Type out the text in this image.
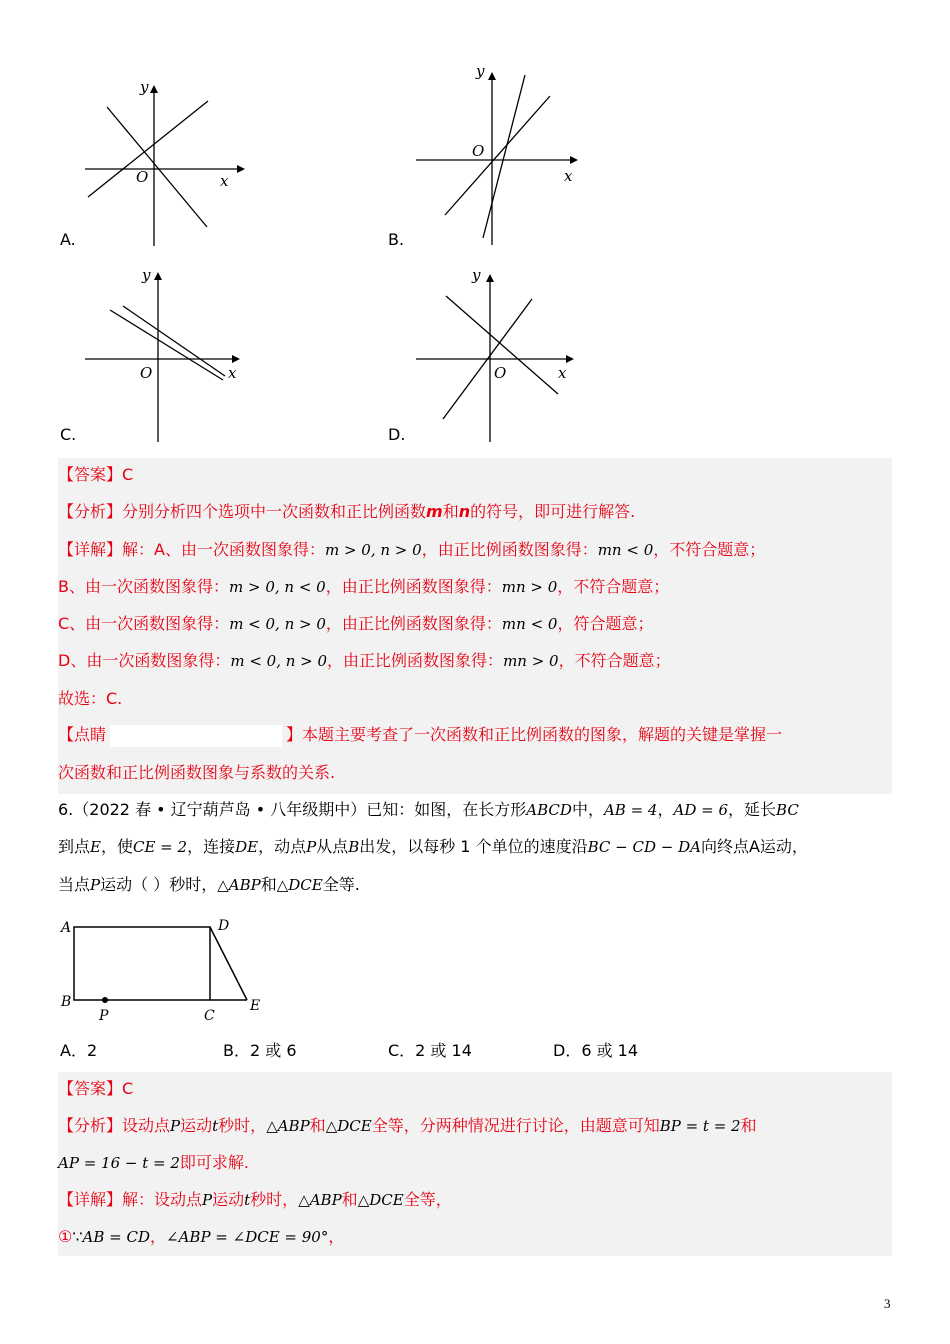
O	x
y
A.
O
x
y
B.
O	x
y
C.
O	x
y
D.
【答案】C
【分析】分别分析四个选项中一次函数和正比例函数m和n的符号，即可进行解答.
【详解】解：A、由一次函数图象得：m > 0, n > 0，由正比例函数图象得：mn < 0，不符合题意；
B、由一次函数图象得：m > 0, n < 0，由正比例函数图象得：mn > 0，不符合题意；
C、由一次函数图象得：m < 0, n > 0，由正比例函数图象得：mn < 0，符合题意；
D、由一次函数图象得：m < 0, n > 0，由正比例函数图象得：mn > 0，不符合题意；
故选：C.
【点睛	】本题主要考查了一次函数和正比例函数的图象，解题的关键是掌握一
次函数和正比例函数图象与系数的关系.
6.（2022 春 • 辽宁葫芦岛 • 八年级期中）已知：如图，在长方形ABCD中，AB = 4，AD = 6，延长BC
到点E，使CE = 2，连接DE，动点P从点B出发，以每秒 1 个单位的速度沿BC − CD − DA向终点A运动，
当点P运动（ ）秒时，△ABP和△DCE全等.
A
B
C
D
E
P
A．2	B．2 或 6	C．2 或 14	D．6 或 14
【答案】C
【分析】设动点P运动t秒时，△ABP和△DCE全等，分两种情况进行讨论，由题意可知BP = t = 2和
AP = 16 − t = 2即可求解.
【详解】解：设动点P运动t秒时，△ABP和△DCE全等，
①∵AB = CD，∠ABP = ∠DCE = 90°，
3
